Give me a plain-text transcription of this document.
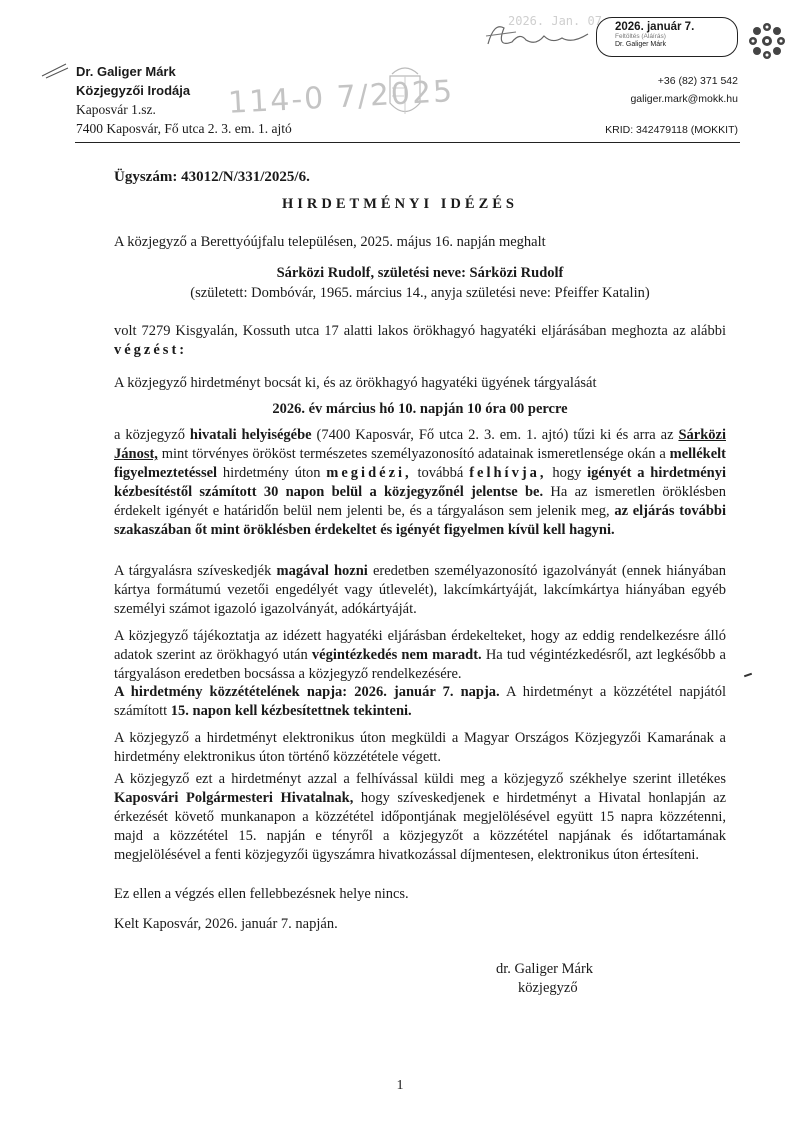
Dr. Galiger Márk
Közjegyzői Irodája
Kaposvár 1.sz.
7400 Kaposvár, Fő utca 2. 3. em. 1. ajtó
114-0 7/2025
2026. Jan. 07 2026. január 7.
Feltöltés (Aláírás)
Dr. Galiger Márk
+36 (82) 371 542
galiger.mark@mokk.hu
KRID: 342479118 (MOKKIT)
Ügyszám: 43012/N/331/2025/6.
HIRDETMÉNYI IDÉZÉS
A közjegyző a Berettyóújfalu településen, 2025. május 16. napján meghalt
Sárközi Rudolf, születési neve: Sárközi Rudolf
(született: Dombóvár, 1965. március 14., anyja születési neve: Pfeiffer Katalin)
volt 7279 Kisgyalán, Kossuth utca 17 alatti lakos örökhagyó hagyatéki eljárásában meghozta az alábbi végzést:
A közjegyző hirdetményt bocsát ki, és az örökhagyó hagyatéki ügyének tárgyalását
2026. év március hó 10. napján 10 óra 00 percre
a közjegyző hivatali helyiségébe (7400 Kaposvár, Fő utca 2. 3. em. 1. ajtó) tűzi ki és arra az Sárközi Jánost, mint törvényes örököst természetes személyazonosító adatainak ismeretlensége okán a mellékelt figyelmeztetéssel hirdetmény úton megidézi, továbbá felhívja, hogy igényét a hirdetményi kézbesítéstől számított 30 napon belül a közjegyzőnél jelentse be. Ha az ismeretlen öröklésben érdekelt igényét e határidőn belül nem jelenti be, és a tárgyaláson sem jelenik meg, az eljárás további szakaszában őt mint öröklésben érdekeltet és igényét figyelmen kívül kell hagyni.
A tárgyalásra szíveskedjék magával hozni eredetben személyazonosító igazolványát (ennek hiányában kártya formátumú vezetői engedélyét vagy útlevelét), lakcímkártyáját, lakcímkártya hiányában egyéb személyi számot igazoló igazolványát, adókártyáját.
A közjegyző tájékoztatja az idézett hagyatéki eljárásban érdekelteket, hogy az eddig rendelkezésre álló adatok szerint az örökhagyó után végintézkedés nem maradt. Ha tud végintézkedésről, azt legkésőbb a tárgyaláson eredetben bocsássa a közjegyző rendelkezésére.
A hirdetmény közzétételének napja: 2026. január 7. napja. A hirdetményt a közzététel napjától számított 15. napon kell kézbesítettnek tekinteni.
A közjegyző a hirdetményt elektronikus úton megküldi a Magyar Országos Közjegyzői Kamarának a hirdetmény elektronikus úton történő közzététele végett.
A közjegyző ezt a hirdetményt azzal a felhívással küldi meg a közjegyző székhelye szerint illetékes Kaposvári Polgármesteri Hivatalnak, hogy szíveskedjenek e hirdetményt a Hivatal honlapján az érkezését követő munkanapon a közzététel időpontjának megjelölésével együtt 15 napra közzétenni, majd a közzététel 15. napján e tényről a közjegyzőt a közzététel napjának és időtartamának megjelölésével a fenti közjegyzői ügyszámra hivatkozással díjmentesen, elektronikus úton értesíteni.
Ez ellen a végzés ellen fellebbezésnek helye nincs.
Kelt Kaposvár, 2026. január 7. napján.
dr. Galiger Márk
közjegyző
1
